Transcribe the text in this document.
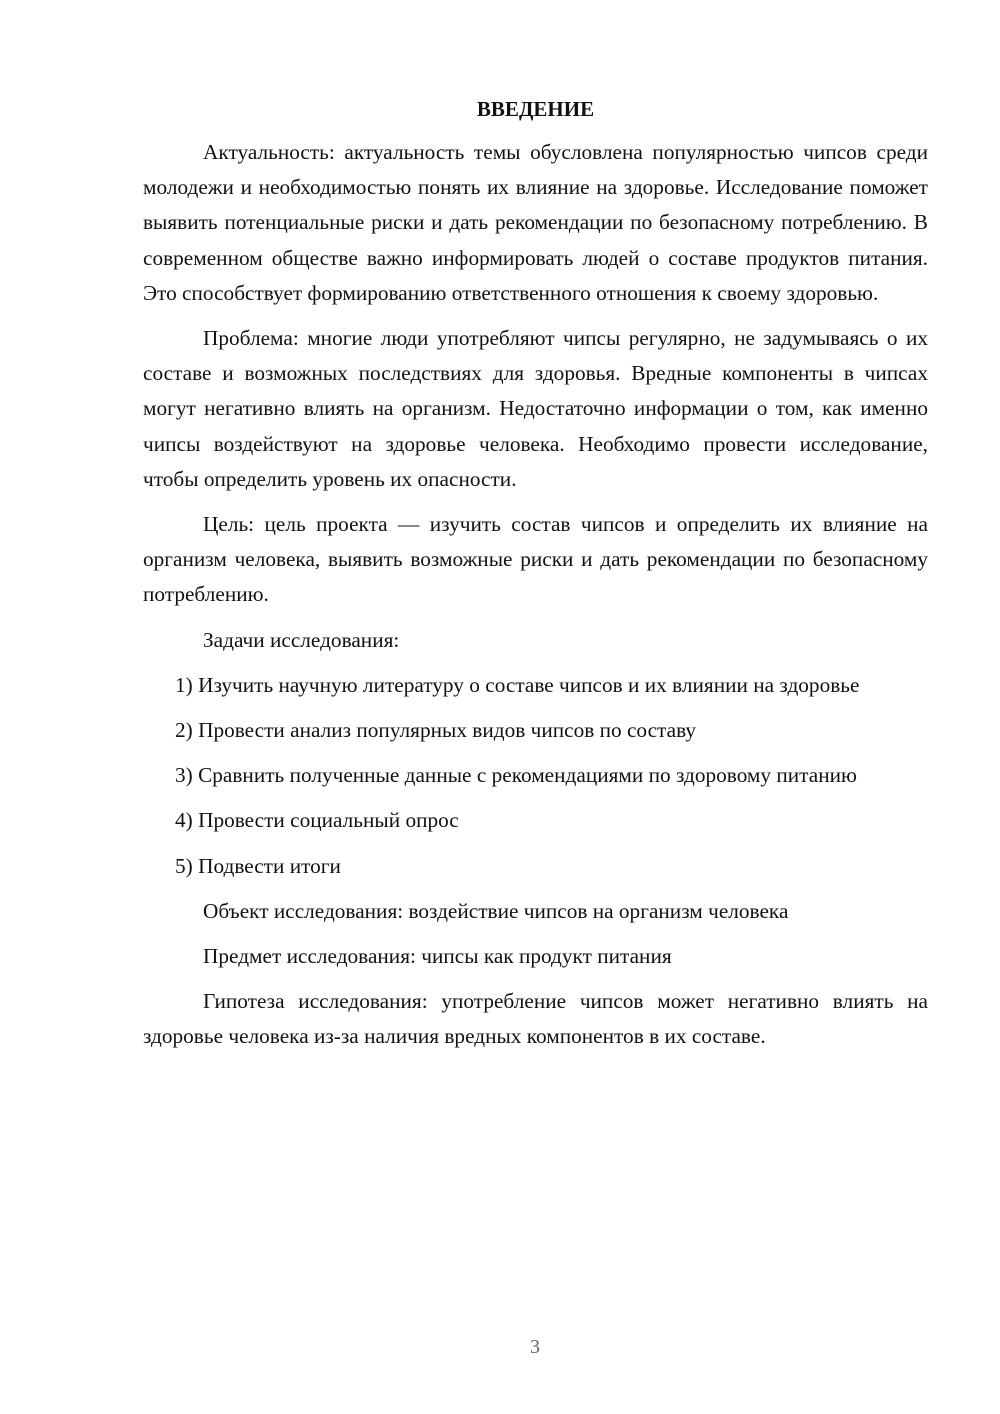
ВВЕДЕНИЕ

Актуальность: актуальность темы обусловлена популярностью чипсов среди молодежи и необходимостью понять их влияние на здоровье. Исследование поможет выявить потенциальные риски и дать рекомендации по безопасному потреблению. В современном обществе важно информировать людей о составе продуктов питания. Это способствует формированию ответственного отношения к своему здоровью.

Проблема: многие люди употребляют чипсы регулярно, не задумываясь о их составе и возможных последствиях для здоровья. Вредные компоненты в чипсах могут негативно влиять на организм. Недостаточно информации о том, как именно чипсы воздействуют на здоровье человека. Необходимо провести исследование, чтобы определить уровень их опасности.

Цель: цель проекта — изучить состав чипсов и определить их влияние на организм человека, выявить возможные риски и дать рекомендации по безопасному потреблению.

Задачи исследования:

1) Изучить научную литературу о составе чипсов и их влиянии на здоровье

2) Провести анализ популярных видов чипсов по составу

3) Сравнить полученные данные с рекомендациями по здоровому питанию

4) Провести социальный опрос

5) Подвести итоги

Объект исследования: воздействие чипсов на организм человека

Предмет исследования: чипсы как продукт питания

Гипотеза исследования: употребление чипсов может негативно влиять на здоровье человека из-за наличия вредных компонентов в их составе.

3
